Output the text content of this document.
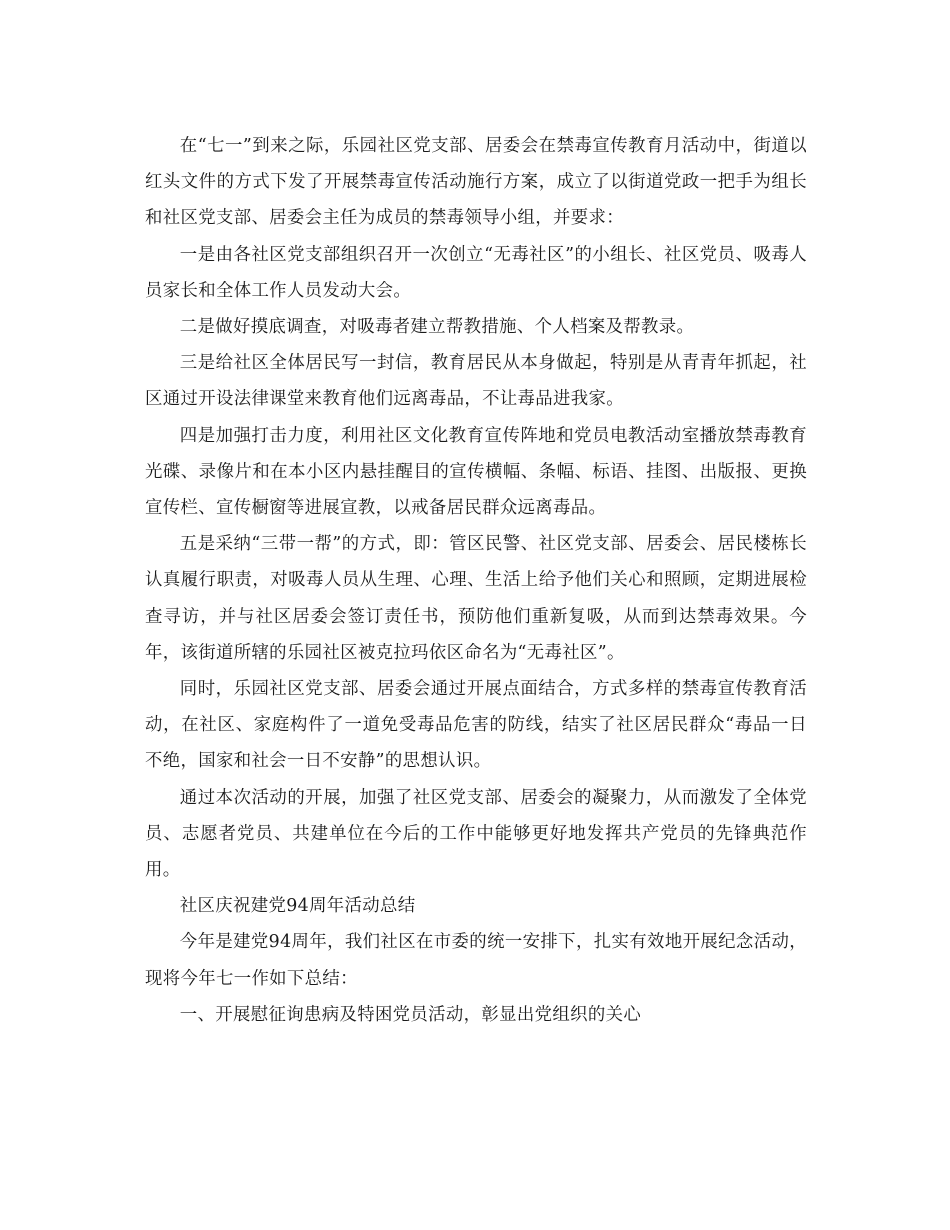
在“七一”到来之际，乐园社区党支部、居委会在禁毒宣传教育月活动中，街道以红头文件的方式下发了开展禁毒宣传活动施行方案，成立了以街道党政一把手为组长和社区党支部、居委会主任为成员的禁毒领导小组，并要求：

一是由各社区党支部组织召开一次创立“无毒社区”的小组长、社区党员、吸毒人员家长和全体工作人员发动大会。

二是做好摸底调查，对吸毒者建立帮教措施、个人档案及帮教录。

三是给社区全体居民写一封信，教育居民从本身做起，特别是从青青年抓起，社区通过开设法律课堂来教育他们远离毒品，不让毒品进我家。

四是加强打击力度，利用社区文化教育宣传阵地和党员电教活动室播放禁毒教育光碟、录像片和在本小区内悬挂醒目的宣传横幅、条幅、标语、挂图、出版报、更换宣传栏、宣传橱窗等进展宣教，以戒备居民群众远离毒品。

五是采纳“三带一帮”的方式，即：管区民警、社区党支部、居委会、居民楼栋长认真履行职责，对吸毒人员从生理、心理、生活上给予他们关心和照顾，定期进展检查寻访，并与社区居委会签订责任书，预防他们重新复吸，从而到达禁毒效果。今年，该街道所辖的乐园社区被克拉玛依区命名为“无毒社区”。

同时，乐园社区党支部、居委会通过开展点面结合，方式多样的禁毒宣传教育活动，在社区、家庭构件了一道免受毒品危害的防线，结实了社区居民群众“毒品一日不绝，国家和社会一日不安静”的思想认识。

通过本次活动的开展，加强了社区党支部、居委会的凝聚力，从而激发了全体党员、志愿者党员、共建单位在今后的工作中能够更好地发挥共产党员的先锋典范作用。

社区庆祝建党94周年活动总结

今年是建党94周年，我们社区在市委的统一安排下，扎实有效地开展纪念活动，现将今年七一作如下总结：

一、开展慰征询患病及特困党员活动，彰显出党组织的关心
